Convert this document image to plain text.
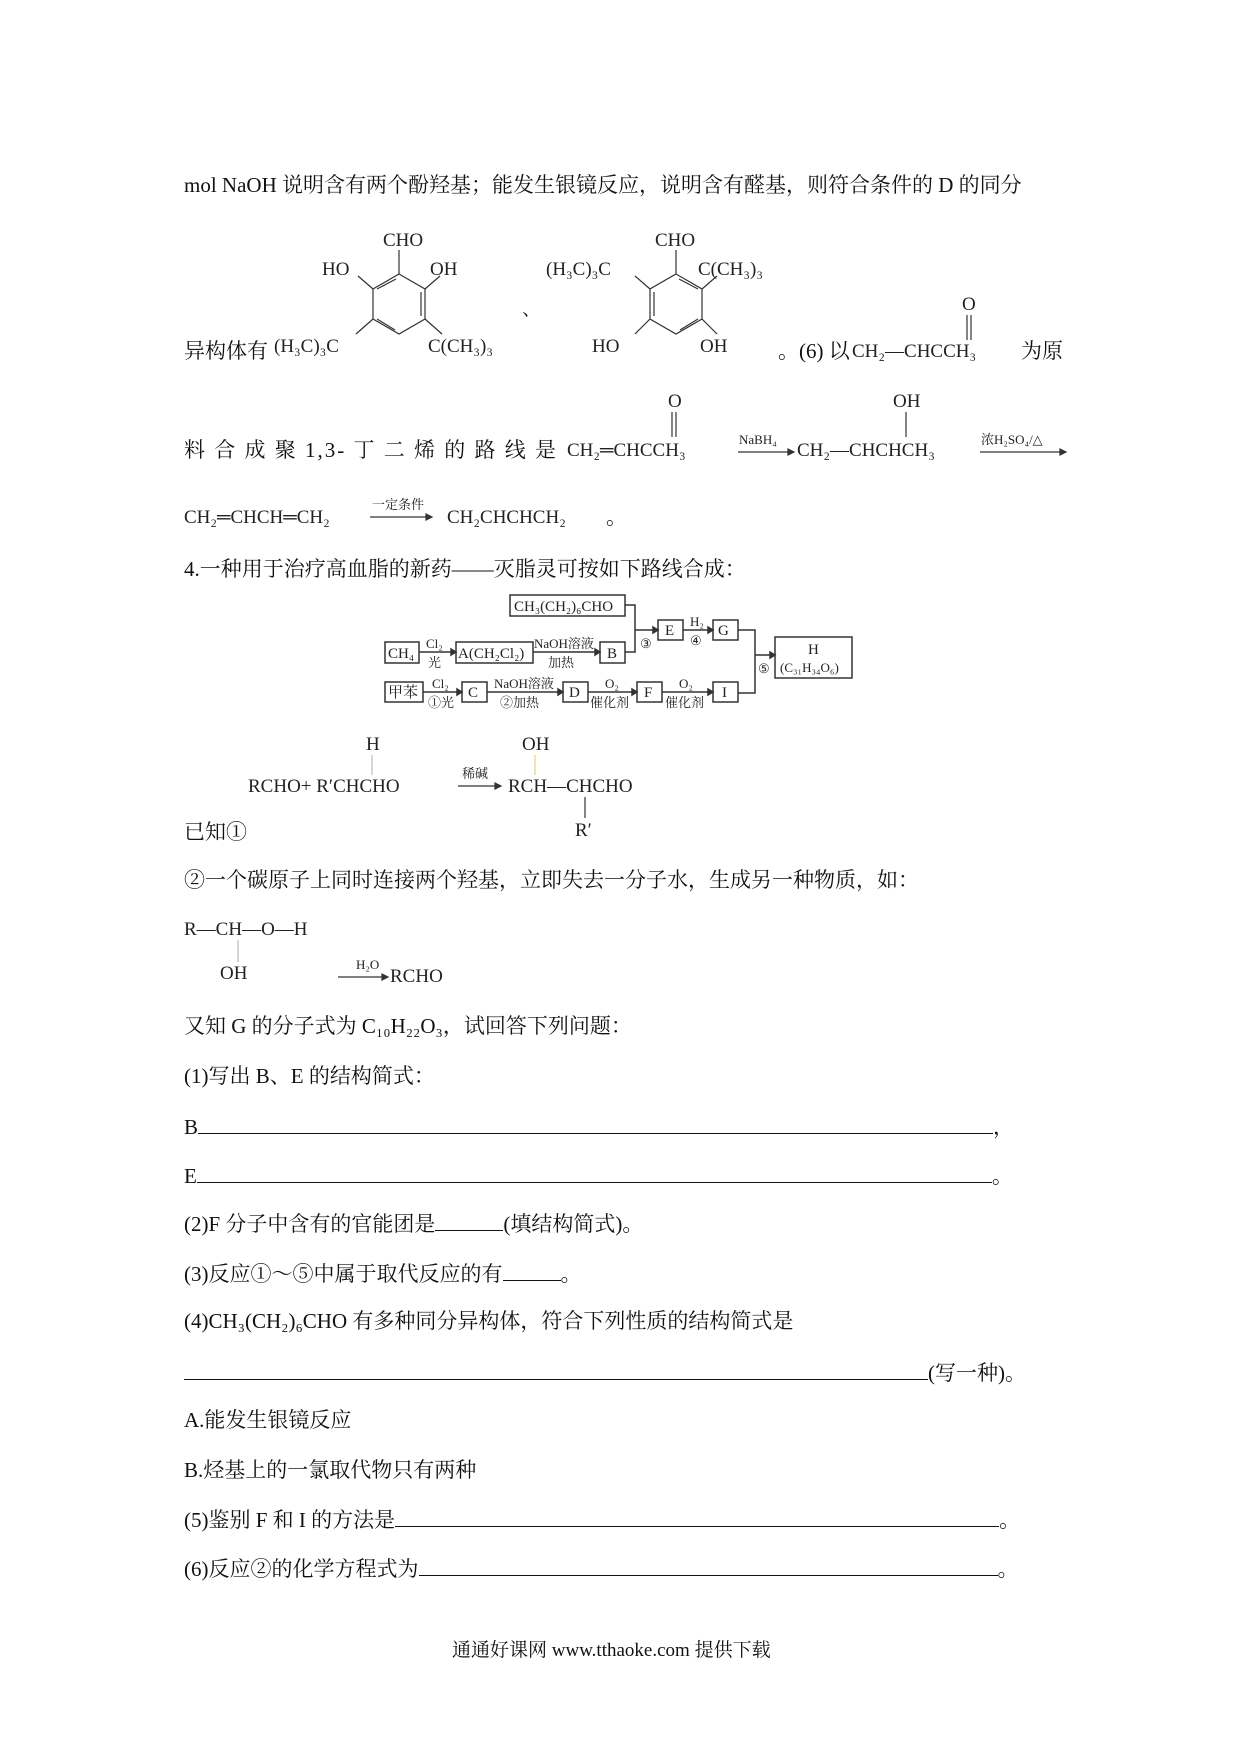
mol NaOH 说明含有两个酚羟基；能发生银镜反应，说明含有醛基，则符合条件的 D 的同分
异构体有	。(6) 以	为原
料 合 成 聚 1,3- 丁 二 烯 的 路 线 是
。
4.一种用于治疗高血脂的新药——灭脂灵可按如下路线合成：
已知①
②一个碳原子上同时连接两个羟基，立即失去一分子水，生成另一种物质，如：
又知 G 的分子式为 C₁₀H₂₂O₃，试回答下列问题：
(1)写出 B、E 的结构简式：
B	，
E	。
(2)F 分子中含有的官能团是	(填结构简式)。
(3)反应①～⑤中属于取代反应的有	。
(4)CH₃(CH₂)₆CHO 有多种同分异构体，符合下列性质的结构简式是
(写一种)。
A.能发生银镜反应
B.烃基上的一氯取代物只有两种
(5)鉴别 F 和 I 的方法是	。
(6)反应②的化学方程式为	。
通通好课网 www.tthaoke.com 提供下载
CHO
HO	OH
(H₃C)₃C	C(CH₃)₃
、
CHO
(H₃C)₃C	C(CH₃)₃
HO	OH	CH₂—CHCCH₃
O
CH₂═CHCCH₃
O
NaBH₄
CH₂—CHCHCH₃
OH
浓H₂SO₄/△
CH₂═CHCH═CH₂
一定条件
CH₂CHCHCH₂
CH₃(CH₂)₆CHO
CH₄
Cl₂
光
A(CH₂Cl₂)
NaOH溶液
加热
B
③
E
H₂
④
G
⑤
H
(C₃₁H₃₄O₆)
甲苯
Cl₂
①光
C
NaOH溶液
②加热
D
O₂
催化剂
F
O₂
催化剂
I
H
RCHO+ R′CHCHO
稀碱
OH
RCH—CHCHO
R′
R—CH—O—H
OH	H₂O
RCHO
